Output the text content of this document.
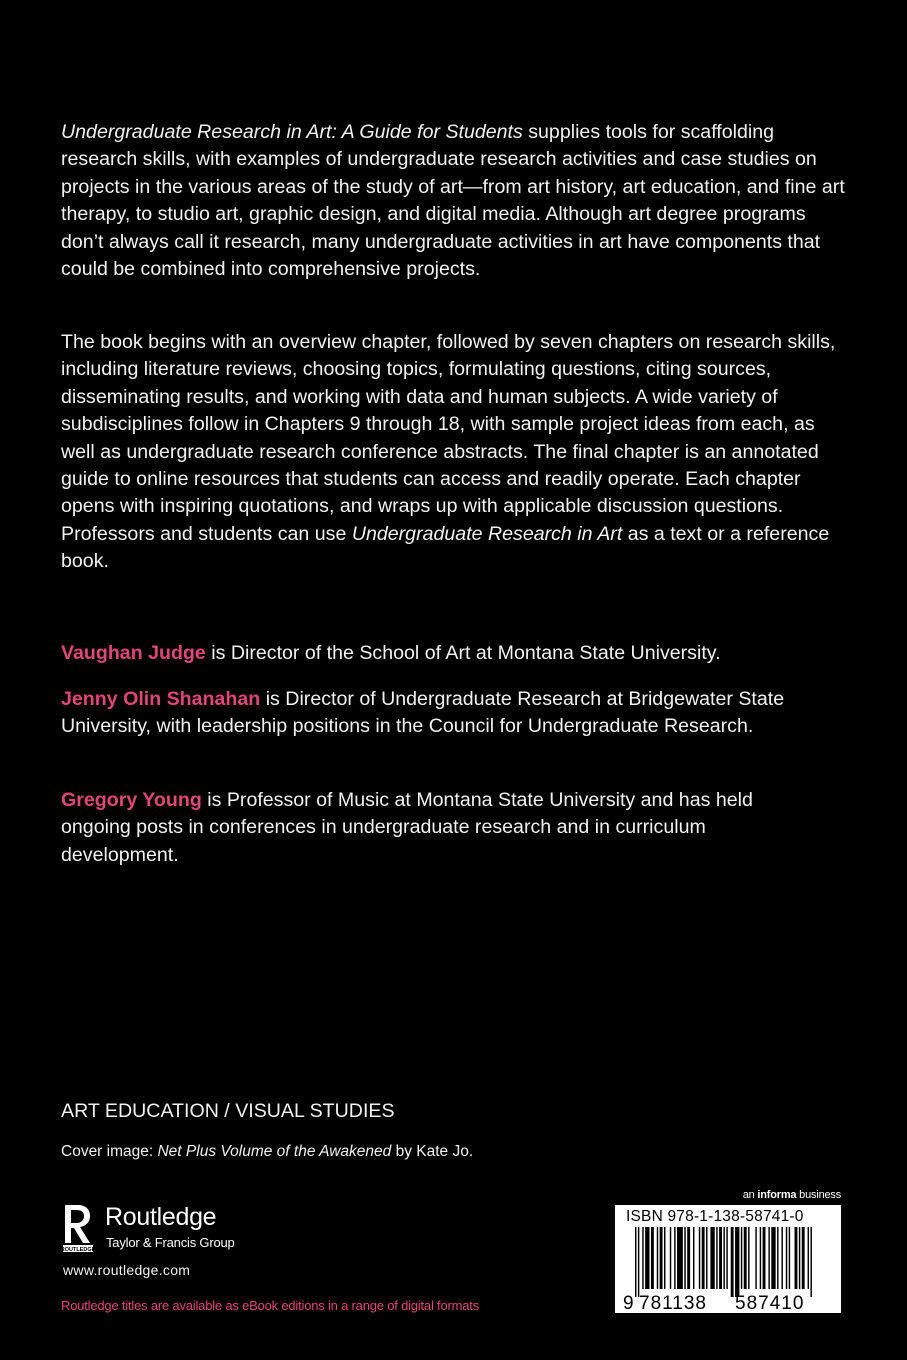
Undergraduate Research in Art: A Guide for Students supplies tools for scaffolding research skills, with examples of undergraduate research activities and case studies on projects in the various areas of the study of art—from art history, art education, and fine art therapy, to studio art, graphic design, and digital media. Although art degree programs don’t always call it research, many undergraduate activities in art have components that could be combined into comprehensive projects.

The book begins with an overview chapter, followed by seven chapters on research skills, including literature reviews, choosing topics, formulating questions, citing sources, disseminating results, and working with data and human subjects. A wide variety of subdisciplines follow in Chapters 9 through 18, with sample project ideas from each, as well as undergraduate research conference abstracts. The final chapter is an annotated guide to online resources that students can access and readily operate. Each chapter opens with inspiring quotations, and wraps up with applicable discussion questions. Professors and students can use Undergraduate Research in Art as a text or a reference book.

Vaughan Judge is Director of the School of Art at Montana State University.

Jenny Olin Shanahan is Director of Undergraduate Research at Bridgewater State University, with leadership positions in the Council for Undergraduate Research.

Gregory Young is Professor of Music at Montana State University and has held ongoing posts in conferences in undergraduate research and in curriculum development.

ART EDUCATION / VISUAL STUDIES
Cover image: Net Plus Volume of the Awakened by Kate Jo.
ROUTLEDGE
Routledge
Taylor & Francis Group
www.routledge.com
Routledge titles are available as eBook editions in a range of digital formats
an informa business
ISBN 978-1-138-58741-0
9 781138 587410
